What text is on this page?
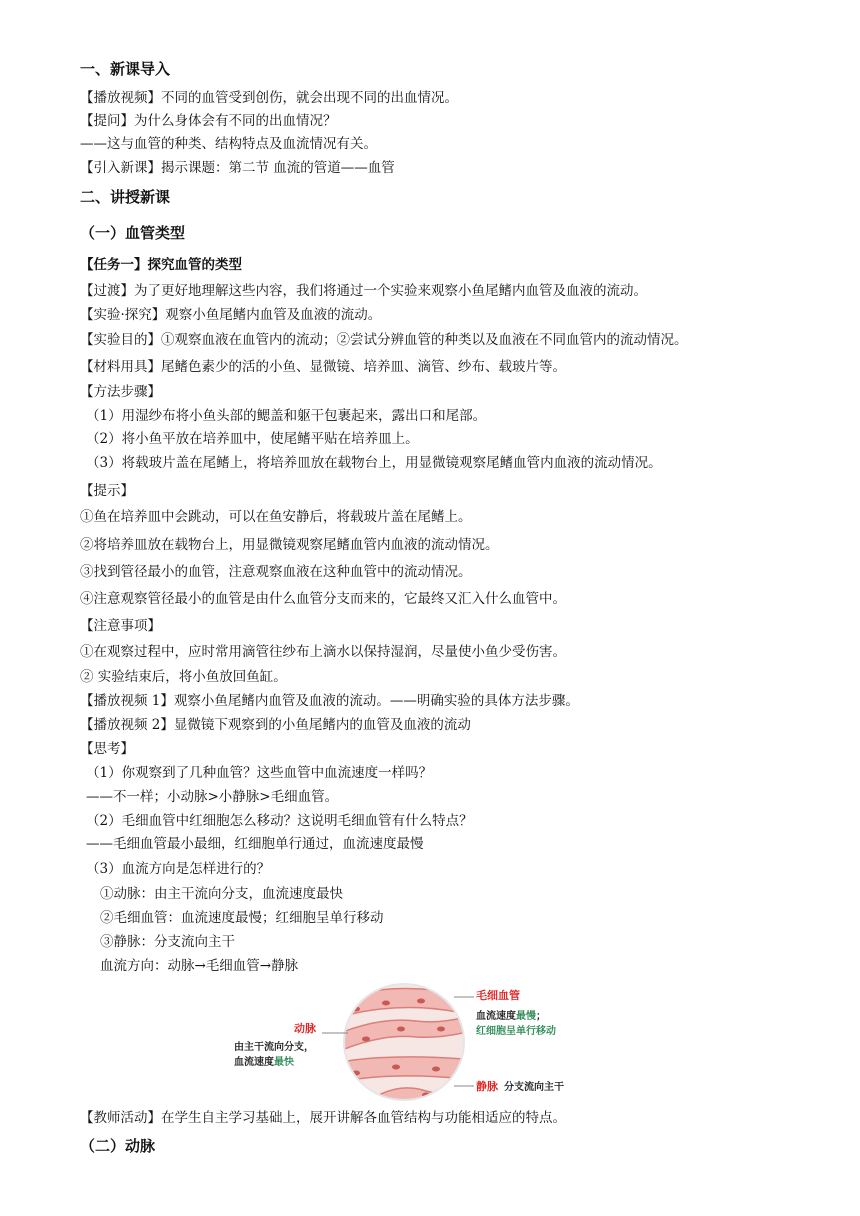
一、新课导入
【播放视频】不同的血管受到创伤，就会出现不同的出血情况。
【提问】为什么身体会有不同的出血情况？
——这与血管的种类、结构特点及血流情况有关。
【引入新课】揭示课题：第二节 血流的管道——血管
二、讲授新课
（一）血管类型
【任务一】探究血管的类型
【过渡】为了更好地理解这些内容，我们将通过一个实验来观察小鱼尾鳍内血管及血液的流动。
【实验·探究】观察小鱼尾鳍内血管及血液的流动。
【实验目的】①观察血液在血管内的流动；②尝试分辨血管的种类以及血液在不同血管内的流动情况。
【材料用具】尾鳍色素少的活的小鱼、显微镜、培养皿、滴管、纱布、载玻片等。
【方法步骤】
（1）用湿纱布将小鱼头部的鳃盖和躯干包裹起来，露出口和尾部。
（2）将小鱼平放在培养皿中，使尾鳍平贴在培养皿上。
（3）将载玻片盖在尾鳍上，将培养皿放在载物台上，用显微镜观察尾鳍血管内血液的流动情况。
【提示】
①鱼在培养皿中会跳动，可以在鱼安静后，将载玻片盖在尾鳍上。
②将培养皿放在载物台上，用显微镜观察尾鳍血管内血液的流动情况。
③找到管径最小的血管，注意观察血液在这种血管中的流动情况。
④注意观察管径最小的血管是由什么血管分支而来的，它最终又汇入什么血管中。
【注意事项】
①在观察过程中，应时常用滴管往纱布上滴水以保持湿润，尽量使小鱼少受伤害。
② 实验结束后，将小鱼放回鱼缸。
【播放视频 1】观察小鱼尾鳍内血管及血液的流动。——明确实验的具体方法步骤。
【播放视频 2】显微镜下观察到的小鱼尾鳍内的血管及血液的流动
【思考】
（1）你观察到了几种血管？这些血管中血流速度一样吗？
——不一样；小动脉>小静脉>毛细血管。
（2）毛细血管中红细胞怎么移动？这说明毛细血管有什么特点？
——毛细血管最小最细，红细胞单行通过，血流速度最慢
（3）血流方向是怎样进行的？
①动脉：由主干流向分支，血流速度最快
②毛细血管：血流速度最慢；红细胞呈单行移动
③静脉：分支流向主干
血流方向：动脉→毛细血管→静脉
动脉
由主干流向分支，
血流速度最快
毛细血管
血流速度最慢；
红细胞呈单行移动
静脉 分支流向主干
【教师活动】在学生自主学习基础上，展开讲解各血管结构与功能相适应的特点。
（二）动脉
